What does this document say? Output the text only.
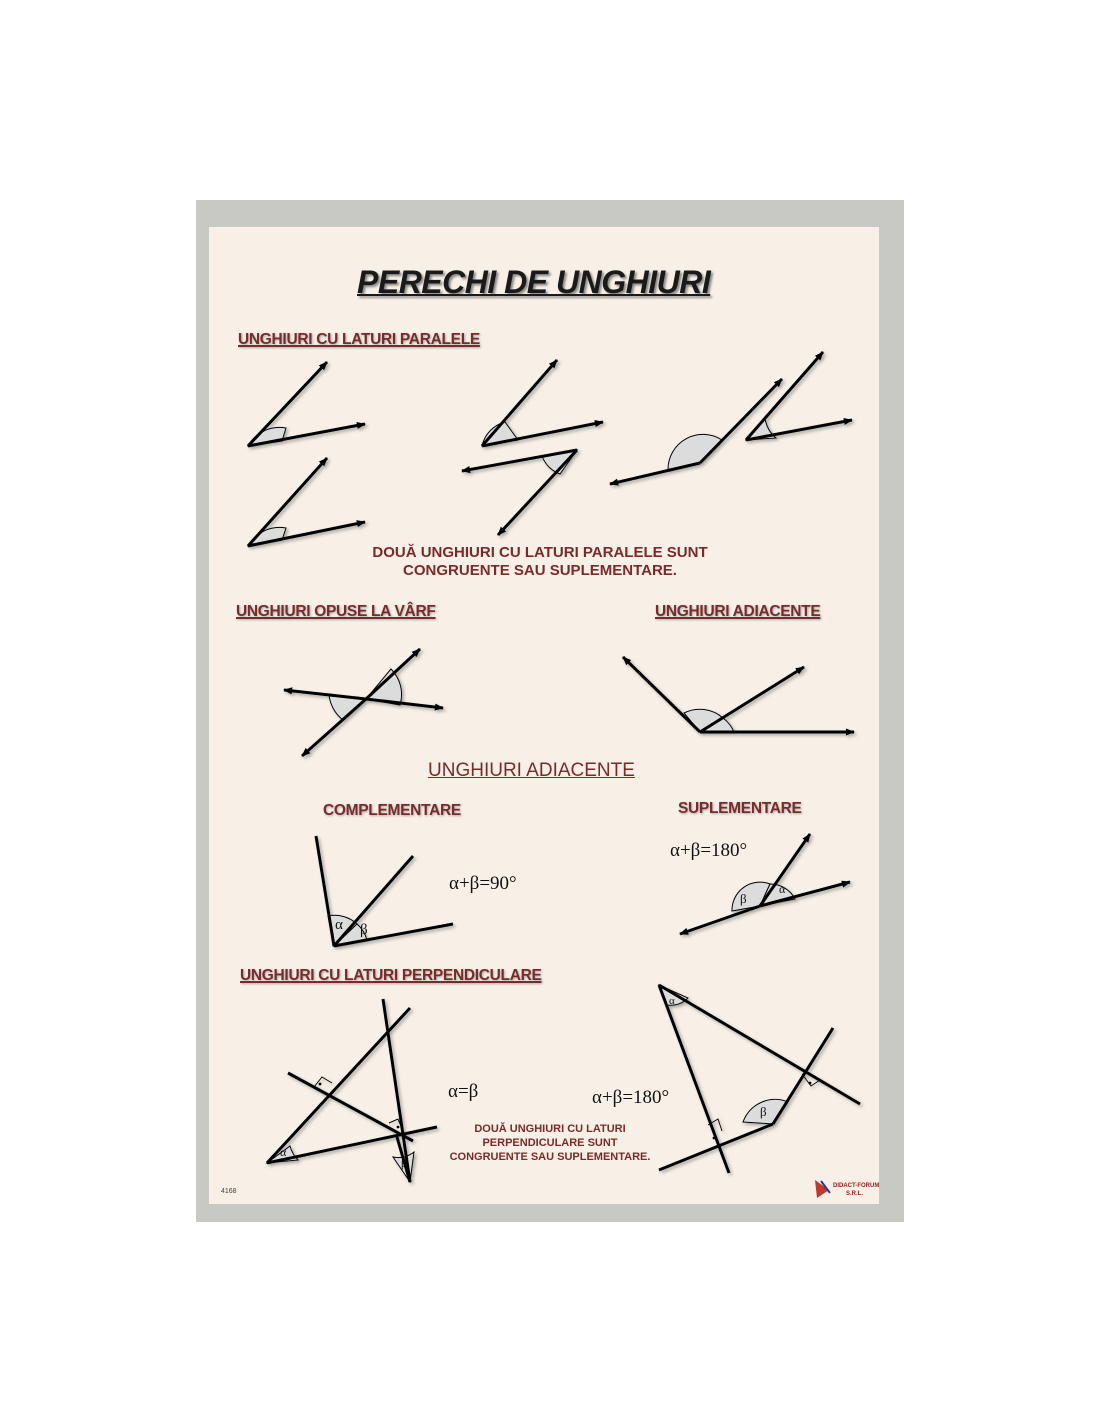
α β
β
α
α
β
α
β
DIDACT-FORUM
S.R.L.
PERECHI DE UNGHIURI
UNGHIURI CU LATURI PARALELE
DOUĂ UNGHIURI CU LATURI PARALELE SUNT
CONGRUENTE SAU SUPLEMENTARE.
UNGHIURI OPUSE LA VÂRF	UNGHIURI ADIACENTE
UNGHIURI ADIACENTE
COMPLEMENTARE	SUPLEMENTARE
α+β=90°
α+β=180°
UNGHIURI CU LATURI PERPENDICULARE
α=β	α+β=180°
DOUĂ UNGHIURI CU LATURI
PERPENDICULARE SUNT
CONGRUENTE SAU SUPLEMENTARE.
4168
